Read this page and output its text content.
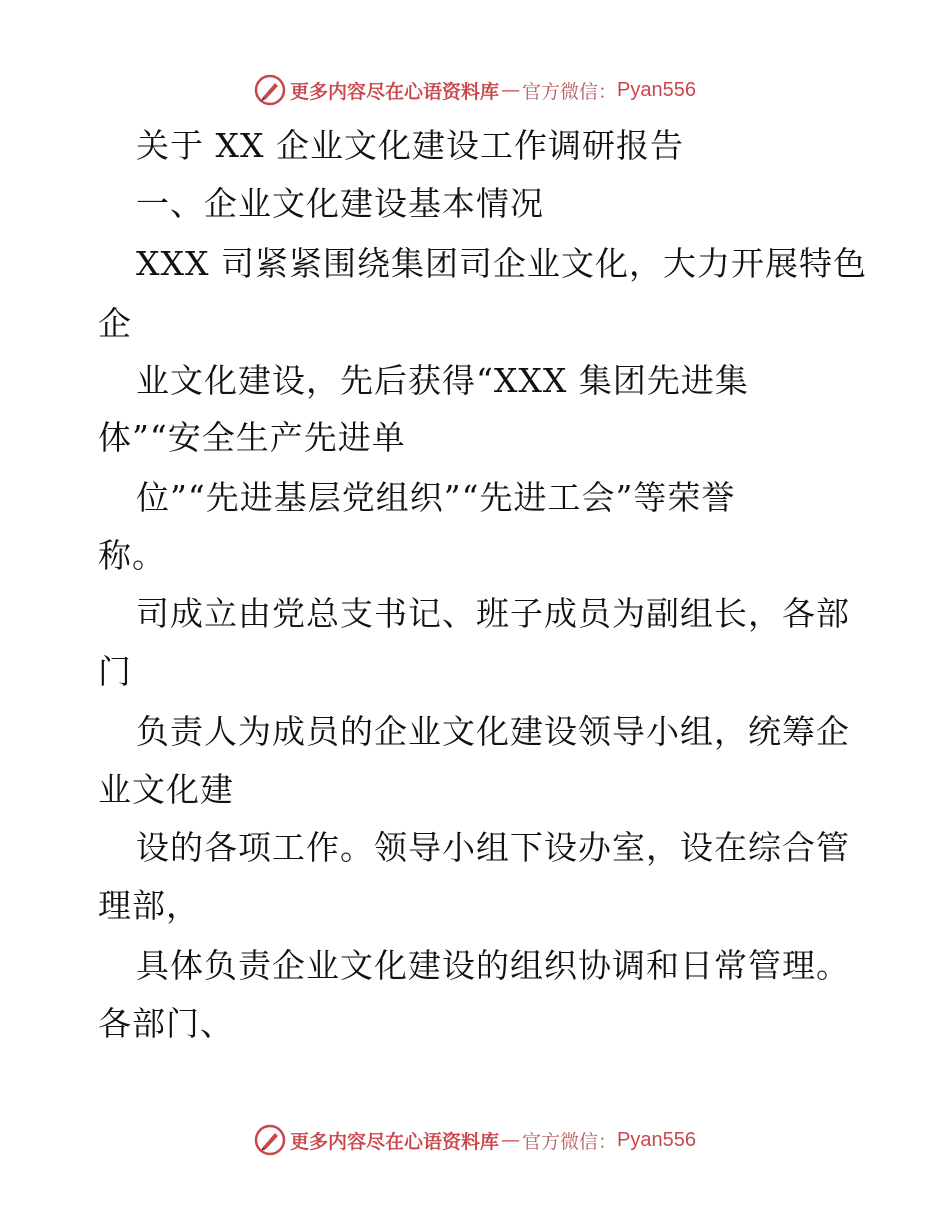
更多内容尽在心语资料库 — 官方微信： Pyan556
关于 XX 企业文化建设工作调研报告
一、企业文化建设基本情况
XXX 司紧紧围绕集团司企业文化，大力开展特色
企
业文化建设，先后获得“XXX 集团先进集
体”“安全生产先进单
位”“先进基层党组织”“先进工会”等荣誉
称。
司成立由党总支书记、班子成员为副组长，各部
门
负责人为成员的企业文化建设领导小组，统筹企
业文化建
设的各项工作。领导小组下设办室，设在综合管
理部，
具体负责企业文化建设的组织协调和日常管理。
各部门、
更多内容尽在心语资料库 — 官方微信： Pyan556
